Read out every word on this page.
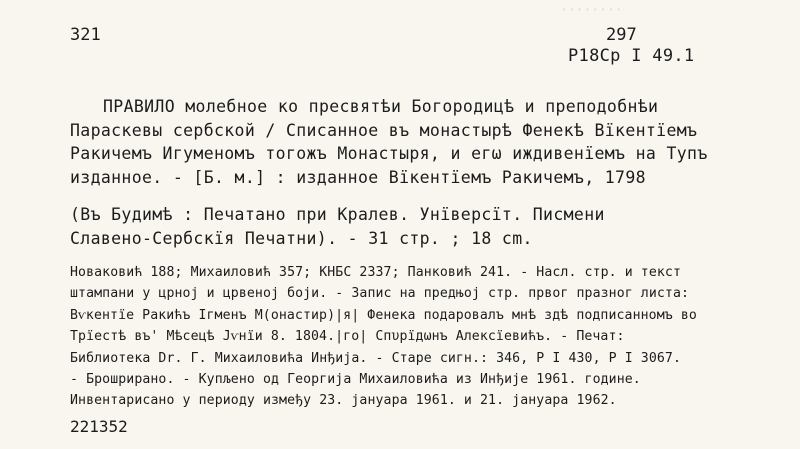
········
321	297
P18Cp I 49.1
ПРАВИЛО молебное ко пресвятѣи Богородицѣ и преподобнѣи
Параскевы сербской / Списанное въ монастырѣ Фенекѣ Вїкентїемъ
Ракичемъ Игуменомъ тогожъ Монастыря, и егω иждивенїемъ на Тупъ
изданное. - [Б. м.] : изданное Вїкентїемъ Ракичемъ, 1798
(Въ Будимѣ : Печатано при Кралев. Унїверсїт. Писмени
Славено-Сербскїя Печатни). - 31 стр. ; 18 cm.
Новаковић 188; Михаиловић 357; КНБС 2337; Панковић 241. - Насл. стр. и текст
штампани у црној и црвеној боји. - Запис на предњој стр. првог празног листа:
Вѵкентїе Ракићъ Ігменъ М(онастир)|я| Фенека подаровалъ мнѣ здѣ подписанномъ во
Трїестѣ въ' Мѣсецѣ Јѵнїи 8. 1804.|го| Спυрїдωнъ Алексїевићъ. - Печат:
Библиотека Dr. Г. Михаиловића Инђија. - Старе сигн.: 346, P I 430, P I 3067.
- Брошрирано. - Купљено од Георгија Михаиловића из Инђије 1961. године.
Инвентарисано у периоду између 23. јануара 1961. и 21. јануара 1962.
221352
